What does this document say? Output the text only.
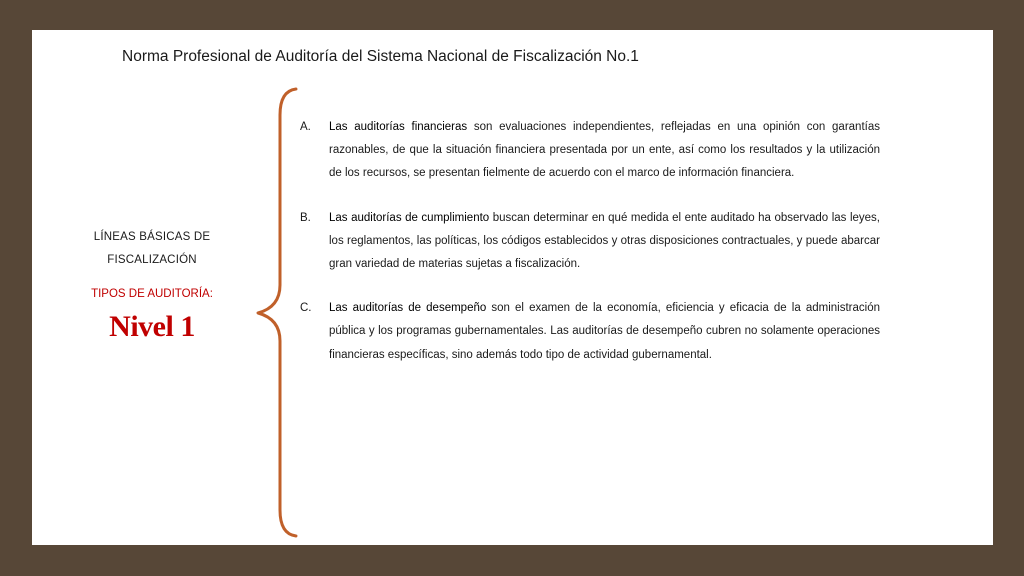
Norma Profesional de Auditoría del Sistema Nacional de Fiscalización No.1
LÍNEAS BÁSICAS DE FISCALIZACIÓN
TIPOS DE AUDITORÍA:
Nivel 1
A. Las auditorías financieras son evaluaciones independientes, reflejadas en una opinión con garantías razonables, de que la situación financiera presentada por un ente, así como los resultados y la utilización de los recursos, se presentan fielmente de acuerdo con el marco de información financiera.
B. Las auditorías de cumplimiento buscan determinar en qué medida el ente auditado ha observado las leyes, los reglamentos, las políticas, los códigos establecidos y otras disposiciones contractuales, y puede abarcar gran variedad de materias sujetas a fiscalización.
C. Las auditorías de desempeño son el examen de la economía, eficiencia y eficacia de la administración pública y los programas gubernamentales. Las auditorías de desempeño cubren no solamente operaciones financieras específicas, sino además todo tipo de actividad gubernamental.
